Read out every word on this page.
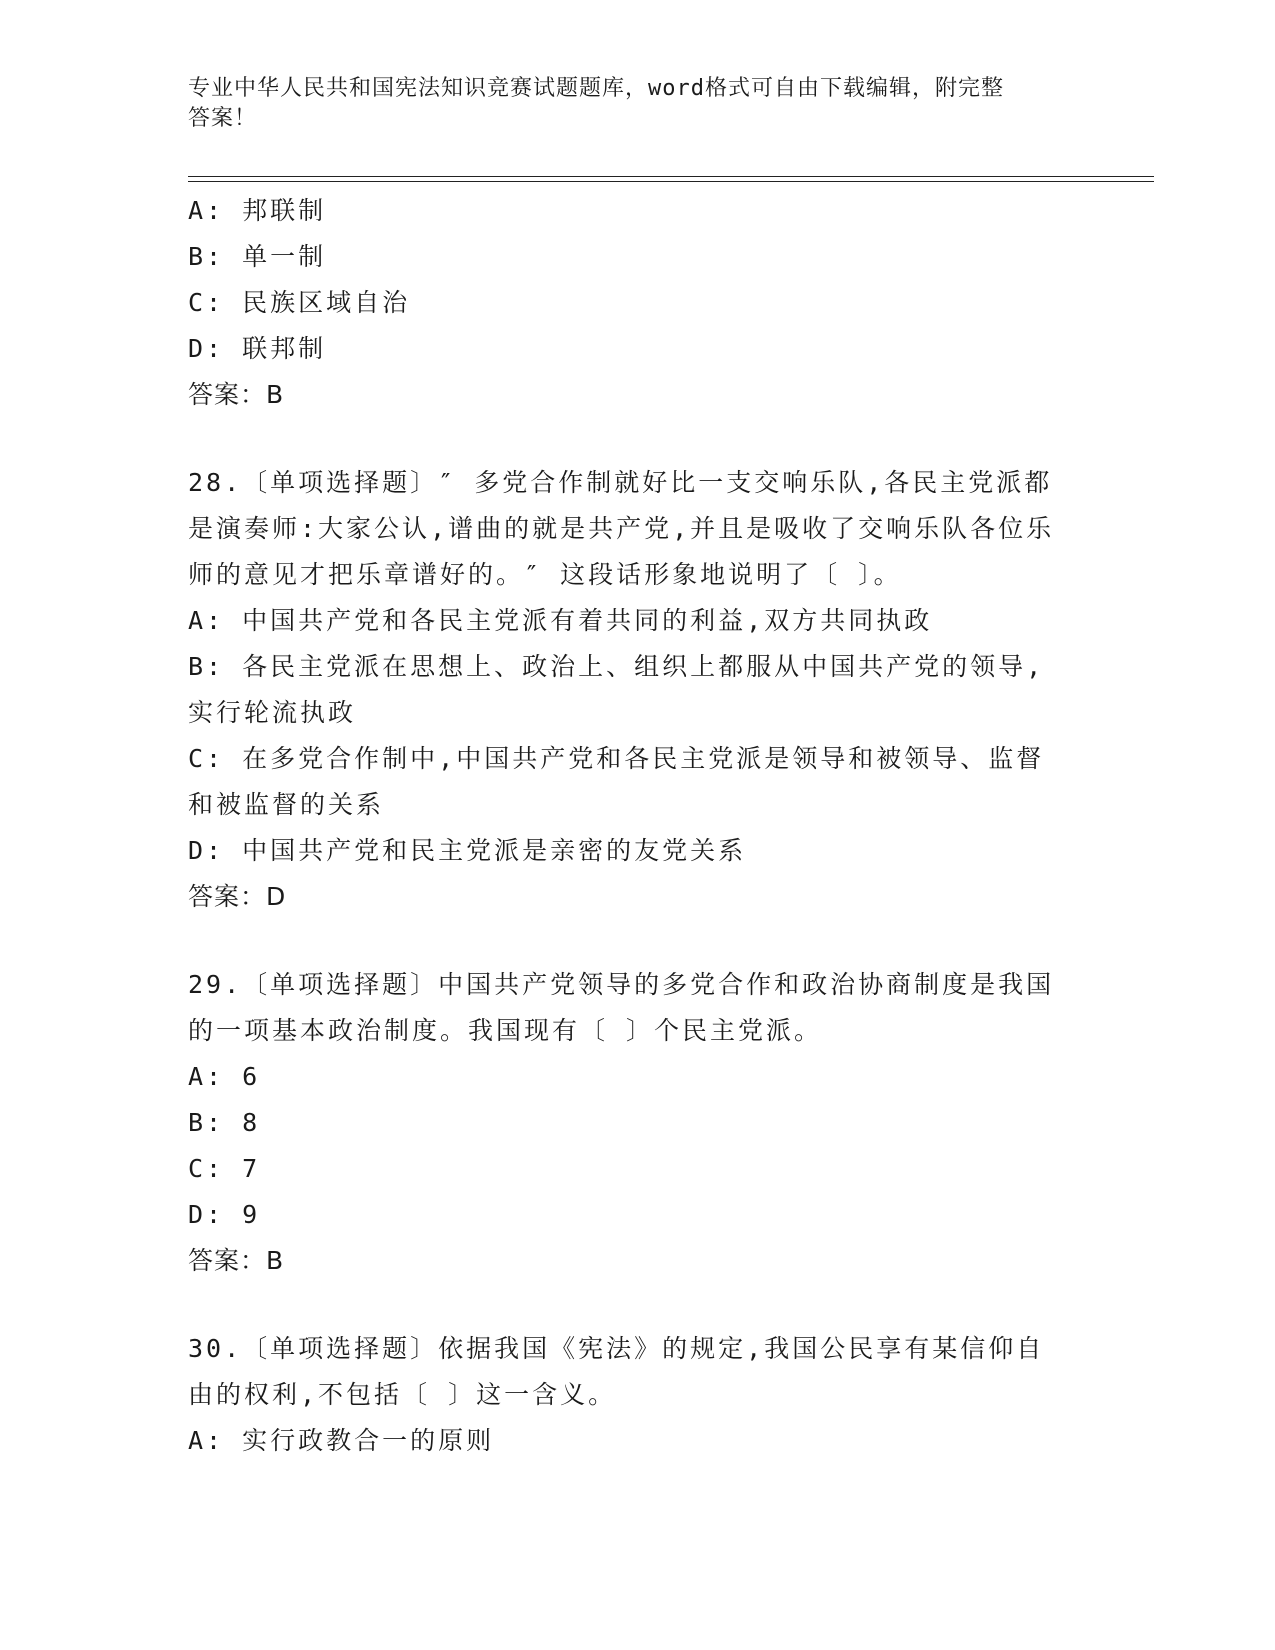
专业中华人民共和国宪法知识竞赛试题题库，word格式可自由下载编辑，附完整
答案！
A: 邦联制
B: 单一制
C: 民族区域自治
D: 联邦制
答案：B
28.〔单项选择题〕″ 多党合作制就好比一支交响乐队,各民主党派都
是演奏师:大家公认,谱曲的就是共产党,并且是吸收了交响乐队各位乐
师的意见才把乐章谱好的。″ 这段话形象地说明了〔 〕。
A: 中国共产党和各民主党派有着共同的利益,双方共同执政
B: 各民主党派在思想上、政治上、组织上都服从中国共产党的领导,
实行轮流执政
C: 在多党合作制中,中国共产党和各民主党派是领导和被领导、监督
和被监督的关系
D: 中国共产党和民主党派是亲密的友党关系
答案：D
29.〔单项选择题〕中国共产党领导的多党合作和政治协商制度是我国
的一项基本政治制度。我国现有〔 〕个民主党派。
A: 6
B: 8
C: 7
D: 9
答案：B
30.〔单项选择题〕依据我国《宪法》的规定,我国公民享有某信仰自
由的权利,不包括〔 〕这一含义。
A: 实行政教合一的原则
